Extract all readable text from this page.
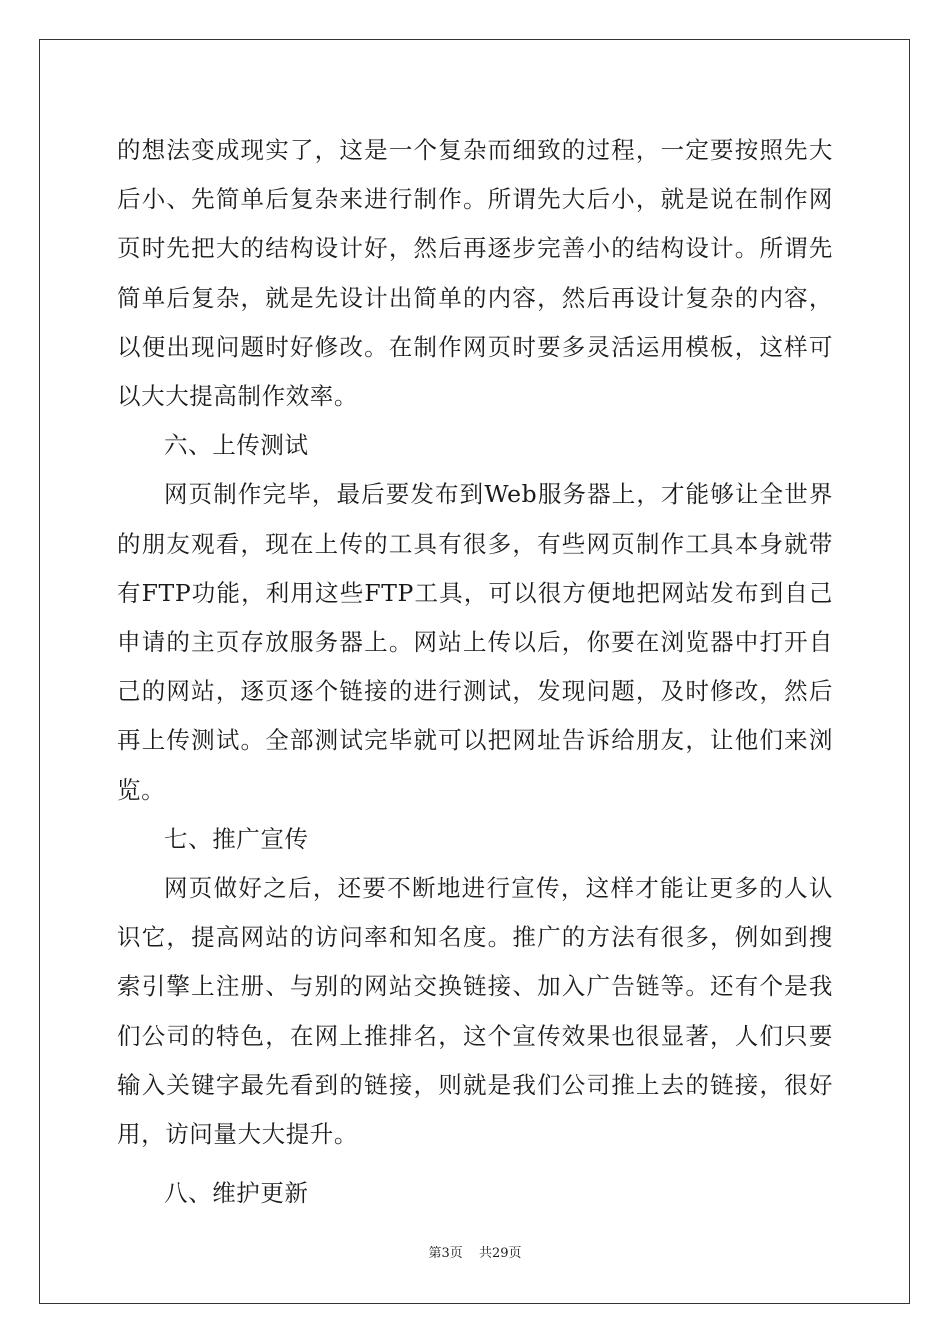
的想法变成现实了，这是一个复杂而细致的过程，一定要按照先大后小、先简单后复杂来进行制作。所谓先大后小，就是说在制作网页时先把大的结构设计好，然后再逐步完善小的结构设计。所谓先简单后复杂，就是先设计出简单的内容，然后再设计复杂的内容，以便出现问题时好修改。在制作网页时要多灵活运用模板，这样可以大大提高制作效率。

六、上传测试

网页制作完毕，最后要发布到Web服务器上，才能够让全世界的朋友观看，现在上传的工具有很多，有些网页制作工具本身就带有FTP功能，利用这些FTP工具，可以很方便地把网站发布到自己申请的主页存放服务器上。网站上传以后，你要在浏览器中打开自己的网站，逐页逐个链接的进行测试，发现问题，及时修改，然后再上传测试。全部测试完毕就可以把网址告诉给朋友，让他们来浏览。

七、推广宣传

网页做好之后，还要不断地进行宣传，这样才能让更多的人认识它，提高网站的访问率和知名度。推广的方法有很多，例如到搜索引擎上注册、与别的网站交换链接、加入广告链等。还有个是我们公司的特色，在网上推排名，这个宣传效果也很显著，人们只要输入关键字最先看到的链接，则就是我们公司推上去的链接，很好用，访问量大大提升。

八、维护更新

第3页 共29页
